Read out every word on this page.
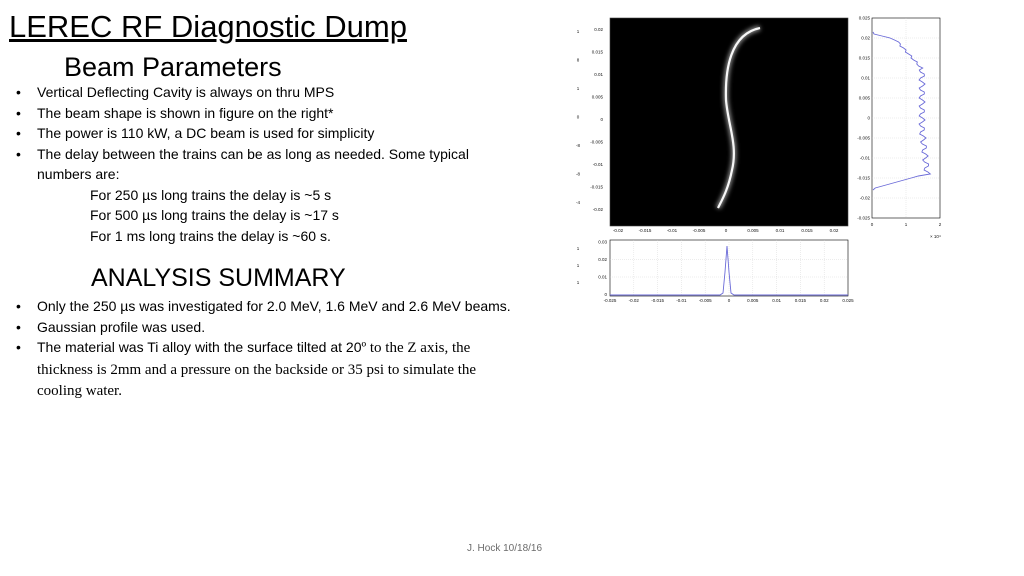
LEREC RF Diagnostic Dump
Beam Parameters
• Vertical Deflecting Cavity is always on thru MPS
• The beam shape is shown in figure on the right*
• The power is 110 kW, a DC beam is used for simplicity
• The delay between the trains can be as long as needed. Some typical numbers are:
For 250 µs long trains the delay is ~5 s
For 500 µs long trains the delay is ~17 s
For 1 ms long trains the delay is ~60 s.
ANALYSIS SUMMARY
• Only the 250 µs was investigated for 2.0 MeV, 1.6 MeV and 2.6 MeV beams.
• Gaussian profile was used.
• The material was Ti alloy with the surface tilted at 20º to the Z axis, the thickness is 2mm and a pressure on the backside or 35 psi to simulate the cooling water.
J. Hock 10/18/16
-0.02	-0.015	-0.01	-0.005	0	0.005	0.01	0.015	0.02
0.02
0.015
0.01
0.005
0
-0.005
-0.01
-0.015
-0.02
1
8
1
0
-8
-8
-4
0.025
0.02
0.015
0.01
0.005
0
-0.005
-0.01
-0.015
-0.02
-0.025
0	1	2
× 10⁴
-0.025	-0.02	-0.015	-0.01	-0.005	0	0.005	0.01	0.015	0.02	0.025
0.03
0.02
0.01
0
1
1
1
